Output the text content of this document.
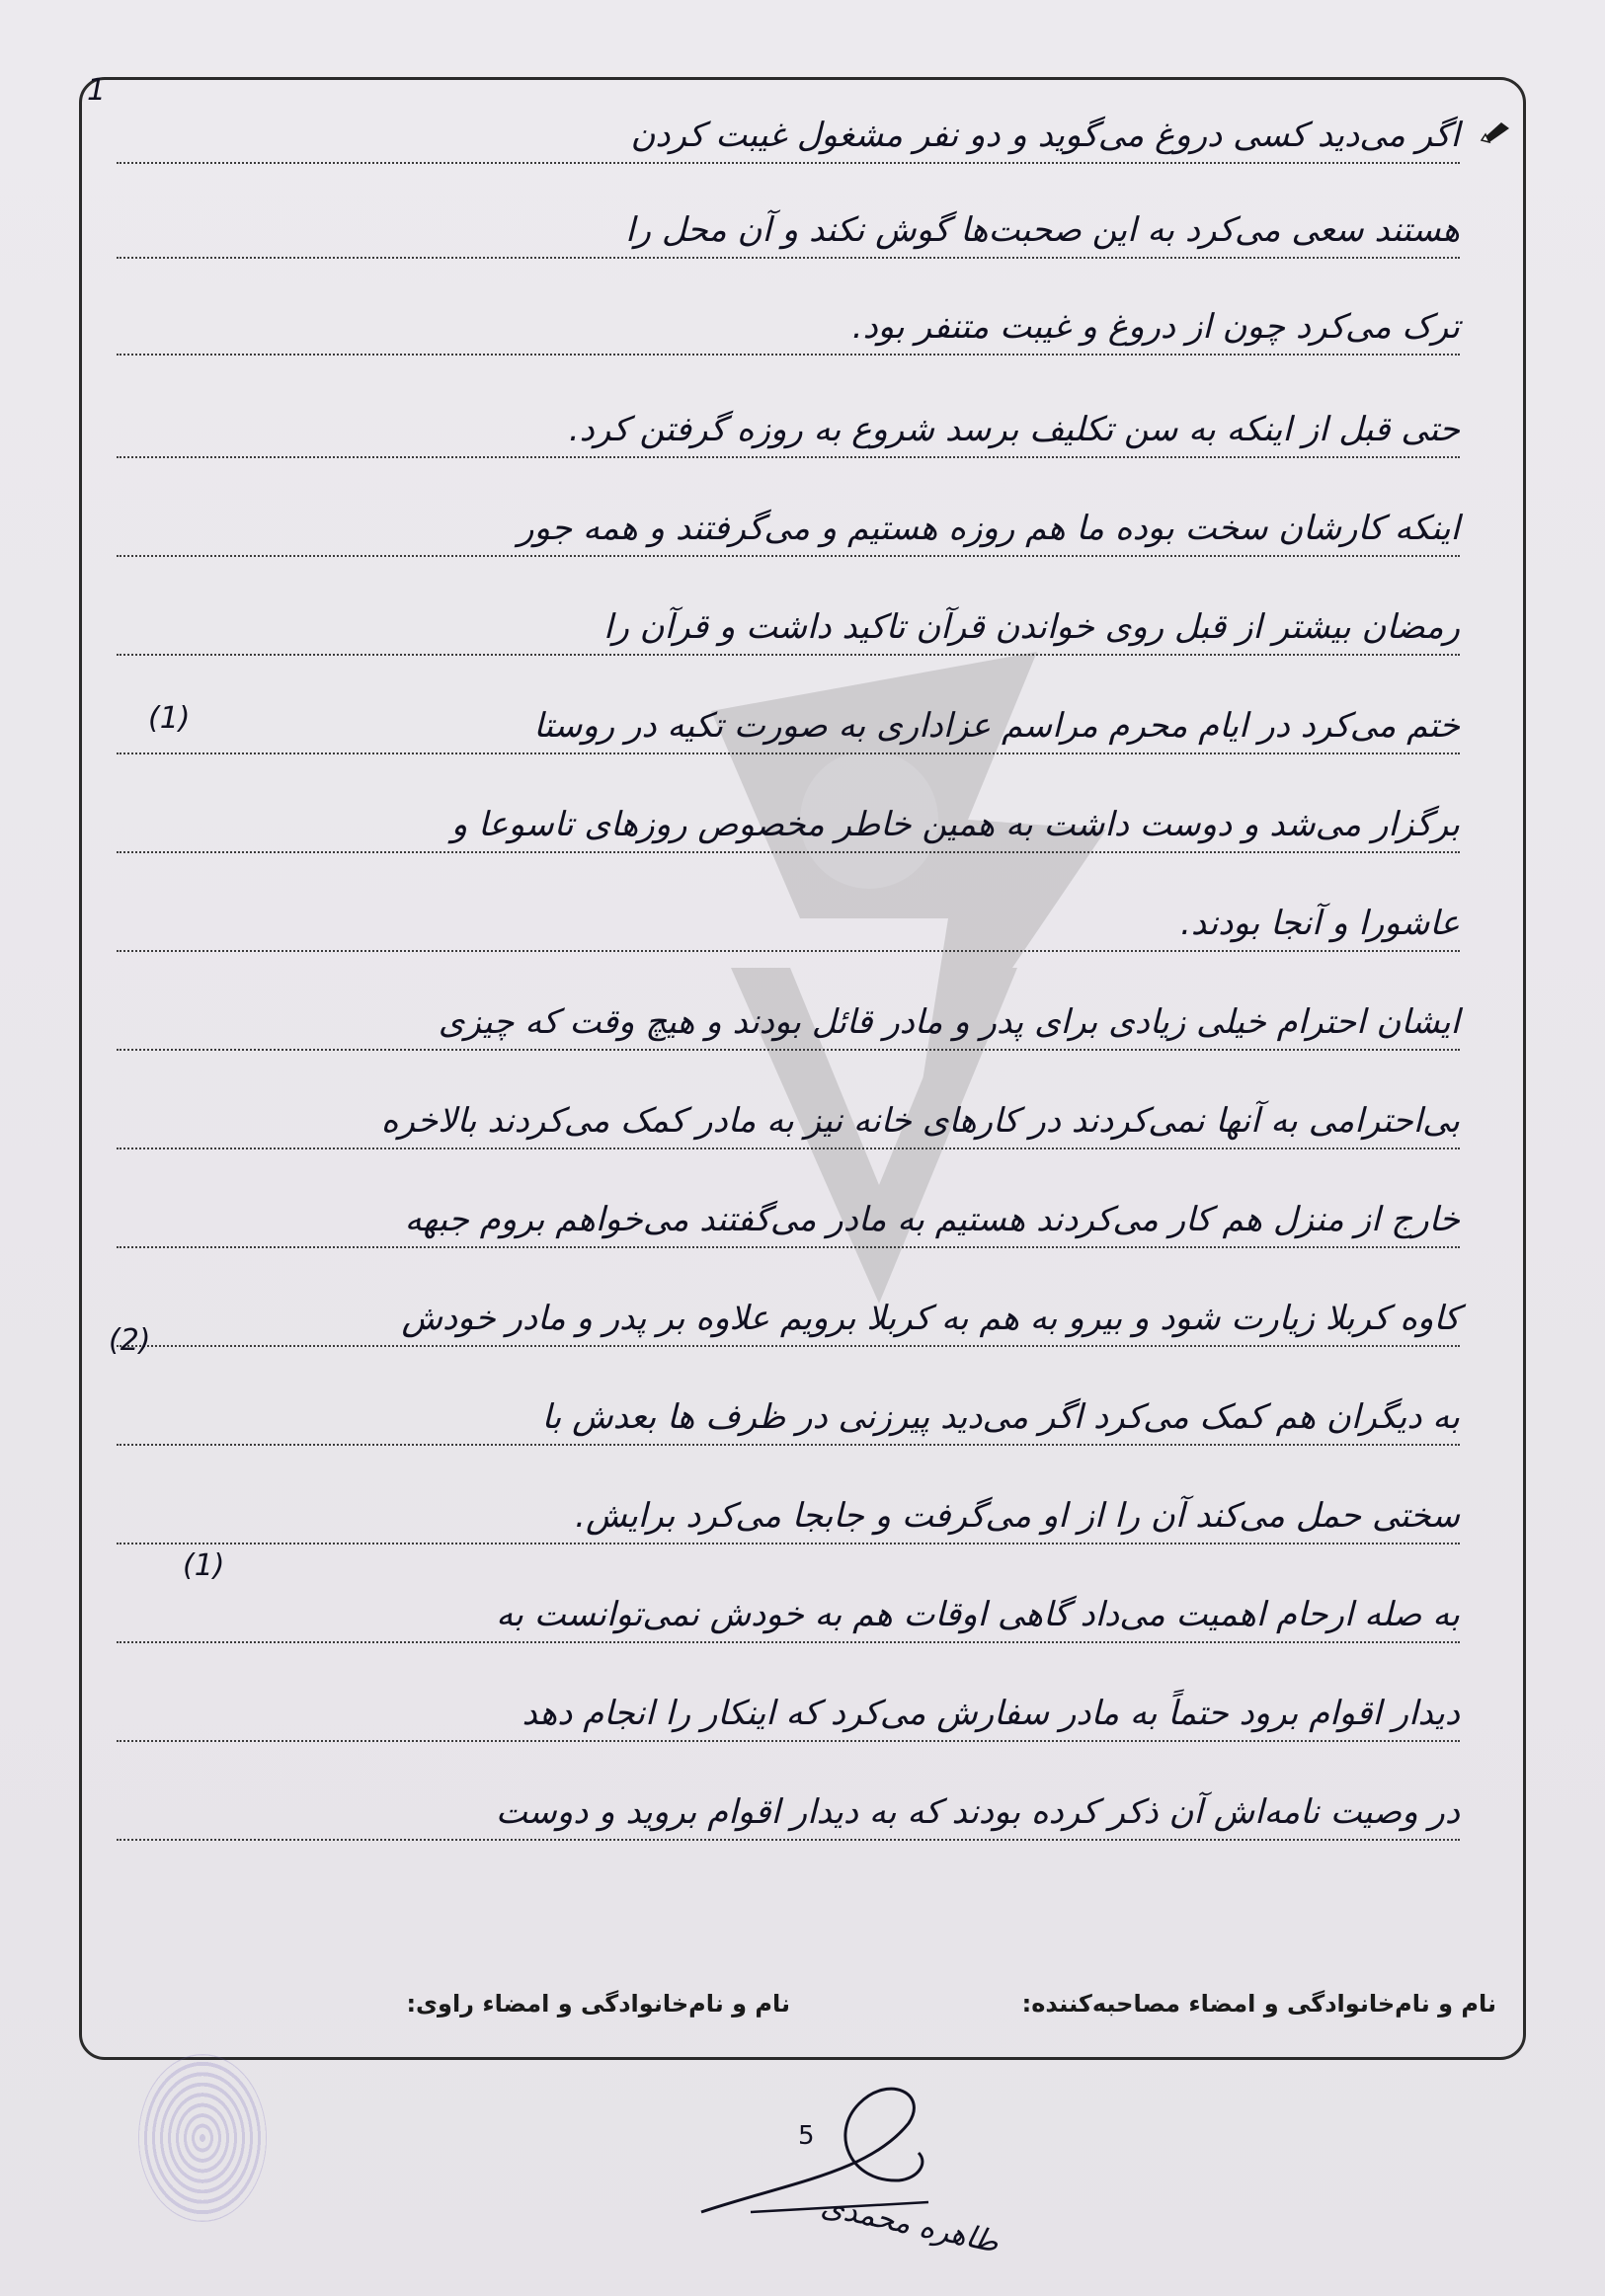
1
اگر می‌دید کسی دروغ می‌گوید و دو نفر مشغول غیبت کردن
هستند سعی می‌کرد به این صحبت‌ها گوش نکند و آن محل را
ترک می‌کرد چون از دروغ و غیبت متنفر بود.
حتی قبل از اینکه به سن تکلیف برسد شروع به روزه گرفتن کرد.
اینکه کارشان سخت بوده ما هم روزه هستیم و می‌گرفتند و همه جور
رمضان بیشتر از قبل روی خواندن قرآن تاکید داشت و قرآن را
ختم می‌کرد در ایام محرم مراسم عزاداری به صورت تکیه در روستا
برگزار می‌شد و دوست داشت به همین خاطر مخصوص روزهای تاسوعا و
عاشورا و آنجا بودند.
ایشان احترام خیلی زیادی برای پدر و مادر قائل بودند و هیچ وقت که چیزی
بی‌احترامی به آنها نمی‌کردند در کارهای خانه نیز به مادر کمک می‌کردند بالاخره
خارج از منزل هم کار می‌کردند هستیم به مادر می‌گفتند می‌خواهم بروم جبهه
کاوه کربلا زیارت شود و بیرو به هم به کربلا برویم علاوه بر پدر و مادر خودش
به دیگران هم کمک می‌کرد اگر می‌دید پیرزنی در ظرف ها بعدش با
سختی حمل می‌کند آن را از او می‌گرفت و جابجا می‌کرد برایش.
به صله ارحام اهمیت می‌داد گاهی اوقات هم به خودش نمی‌توانست به
دیدار اقوام برود حتماً به مادر سفارش می‌کرد که اینکار را انجام دهد
در وصیت نامه‌اش آن ذکر کرده بودند که به دیدار اقوام بروید و دوست
(1)
(2)
(1)
نام و نام‌خانوادگی و امضاء مصاحبه‌کننده:
نام و نام‌خانوادگی و امضاء راوی:
5
طاهره محمدی
